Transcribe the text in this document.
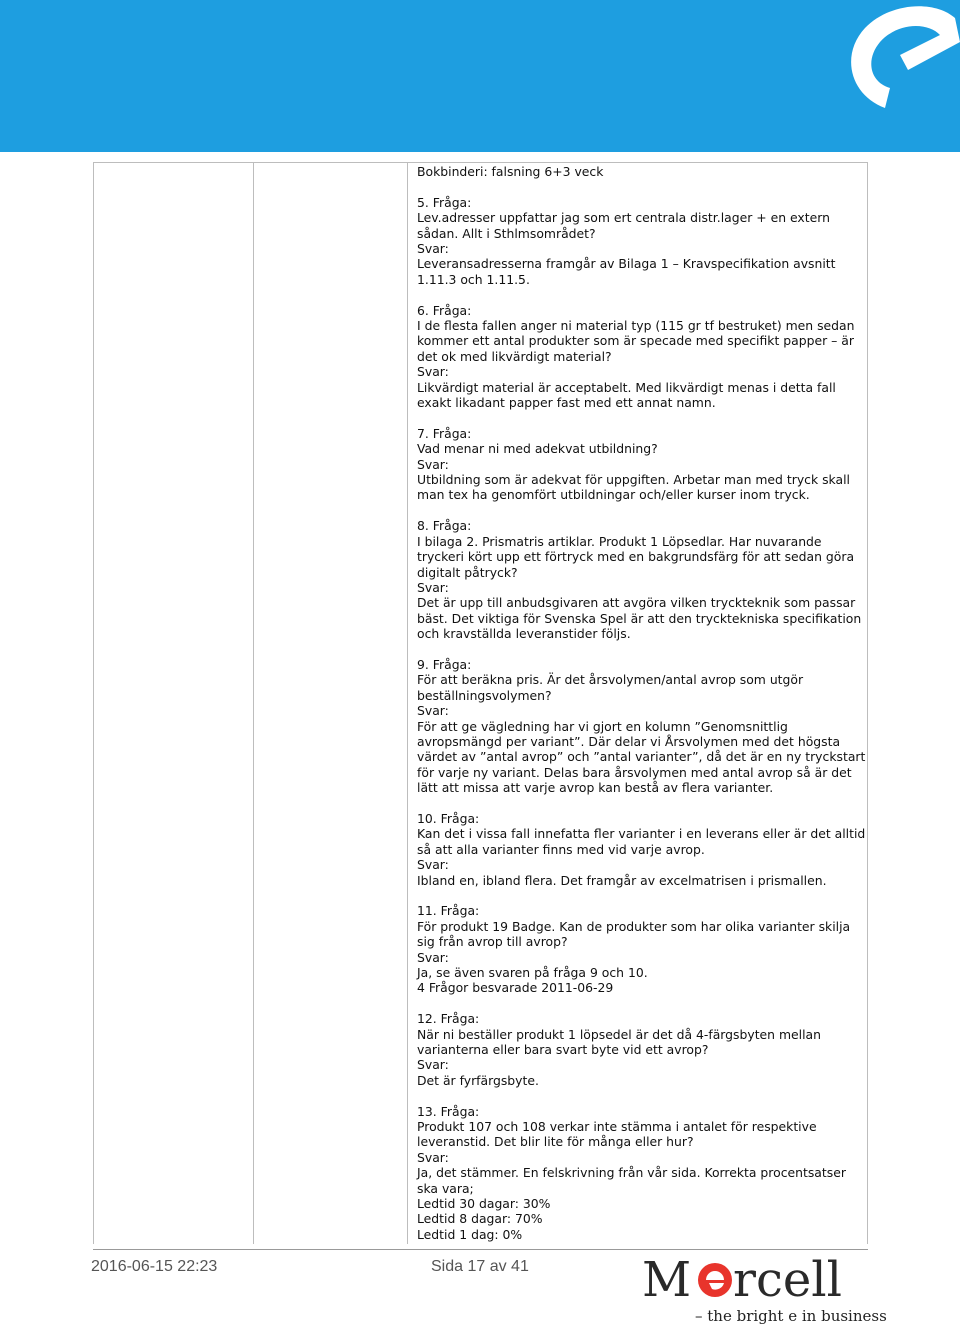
Bokbinderi: falsning 6+3 veck
5. Fråga:
Lev.adresser uppfattar jag som ert centrala distr.lager + en extern sådan. Allt i Sthlmsområdet?
Svar:
Leveransadresserna framgår av Bilaga 1 – Kravspecifikation avsnitt 1.11.3 och 1.11.5.
6. Fråga:
I de flesta fallen anger ni material typ (115 gr tf bestruket) men sedan kommer ett antal produkter som är specade med specifikt papper – är det ok med likvärdigt material?
Svar:
Likvärdigt material är acceptabelt. Med likvärdigt menas i detta fall exakt likadant papper fast med ett annat namn.
7. Fråga:
Vad menar ni med adekvat utbildning?
Svar:
Utbildning som är adekvat för uppgiften. Arbetar man med tryck skall man tex ha genomfört utbildningar och/eller kurser inom tryck.
8. Fråga:
I bilaga 2. Prismatris artiklar. Produkt 1 Löpsedlar. Har nuvarande tryckeri kört upp ett förtryck med en bakgrundsfärg för att sedan göra digitalt påtryck?
Svar:
Det är upp till anbudsgivaren att avgöra vilken tryckteknik som passar bäst. Det viktiga för Svenska Spel är att den trycktekniska specifikation och kravställda leveranstider följs.
9. Fråga:
För att beräkna pris. Är det årsvolymen/antal avrop som utgör beställningsvolymen?
Svar:
För att ge vägledning har vi gjort en kolumn ”Genomsnittlig avropsmängd per variant”. Där delar vi Årsvolymen med det högsta värdet av ”antal avrop” och ”antal varianter”, då det är en ny tryckstart för varje ny variant. Delas bara årsvolymen med antal avrop så är det lätt att missa att varje avrop kan bestå av flera varianter.
10. Fråga:
Kan det i vissa fall innefatta fler varianter i en leverans eller är det alltid så att alla varianter finns med vid varje avrop.
Svar:
Ibland en, ibland flera. Det framgår av excelmatrisen i prismallen.
11. Fråga:
För produkt 19 Badge. Kan de produkter som har olika varianter skilja sig från avrop till avrop?
Svar:
Ja, se även svaren på fråga 9 och 10.
4 Frågor besvarade 2011-06-29
12. Fråga:
När ni beställer produkt 1 löpsedel är det då 4-färgsbyten mellan varianterna eller bara svart byte vid ett avrop?
Svar:
Det är fyrfärgsbyte.
13. Fråga:
Produkt 107 och 108 verkar inte stämma i antalet för respektive leveranstid. Det blir lite för många eller hur?
Svar:
Ja, det stämmer. En felskrivning från vår sida. Korrekta procentsatser ska vara;
Ledtid 30 dagar: 30%
Ledtid 8 dagar: 70%
Ledtid 1 dag: 0%
2016-06-15 22:23	Sida 17 av 41 M rcell
– the bright e in business
